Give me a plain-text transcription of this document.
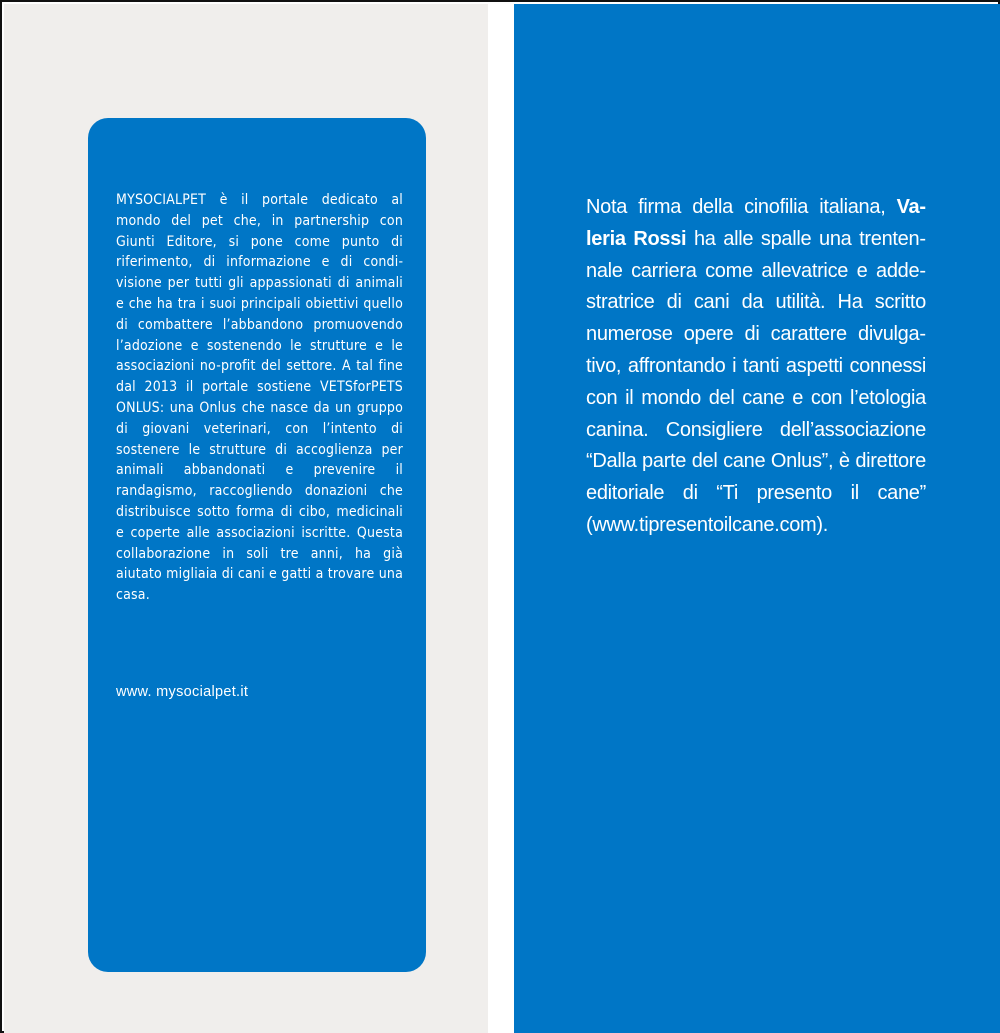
MYSOCIALPET è il portale dedicato al mondo del pet che, in partnership con Giunti Editore, si pone come punto di riferimento, di informazione e di condivisione per tutti gli appassionati di animali e che ha tra i suoi principali obiettivi quello di combattere l’abbandono promuovendo l’adozione e sostenendo le strutture e le associazioni no-profit del settore. A tal fine dal 2013 il portale sostiene VETSforPETS ONLUS: una Onlus che nasce da un gruppo di giovani veterinari, con l’intento di sostenere le strutture di accoglienza per animali abbandonati e prevenire il randagismo, raccogliendo donazioni che distribuisce sotto forma di cibo, medicinali e coperte alle associazioni iscritte. Questa collaborazione in soli tre anni, ha già aiutato migliaia di cani e gatti a trovare una casa.

www. mysocialpet.it

Nota firma della cinofilia italiana, Valeria Rossi ha alle spalle una trentennale carriera come allevatrice e addestratrice di cani da utilità. Ha scritto numerose opere di carattere divulgativo, affrontando i tanti aspetti connessi con il mondo del cane e con l’etologia canina. Consigliere dell’associazione “Dalla parte del cane Onlus”, è direttore editoriale di “Ti presento il cane” (www.tipresentoilcane.com).
